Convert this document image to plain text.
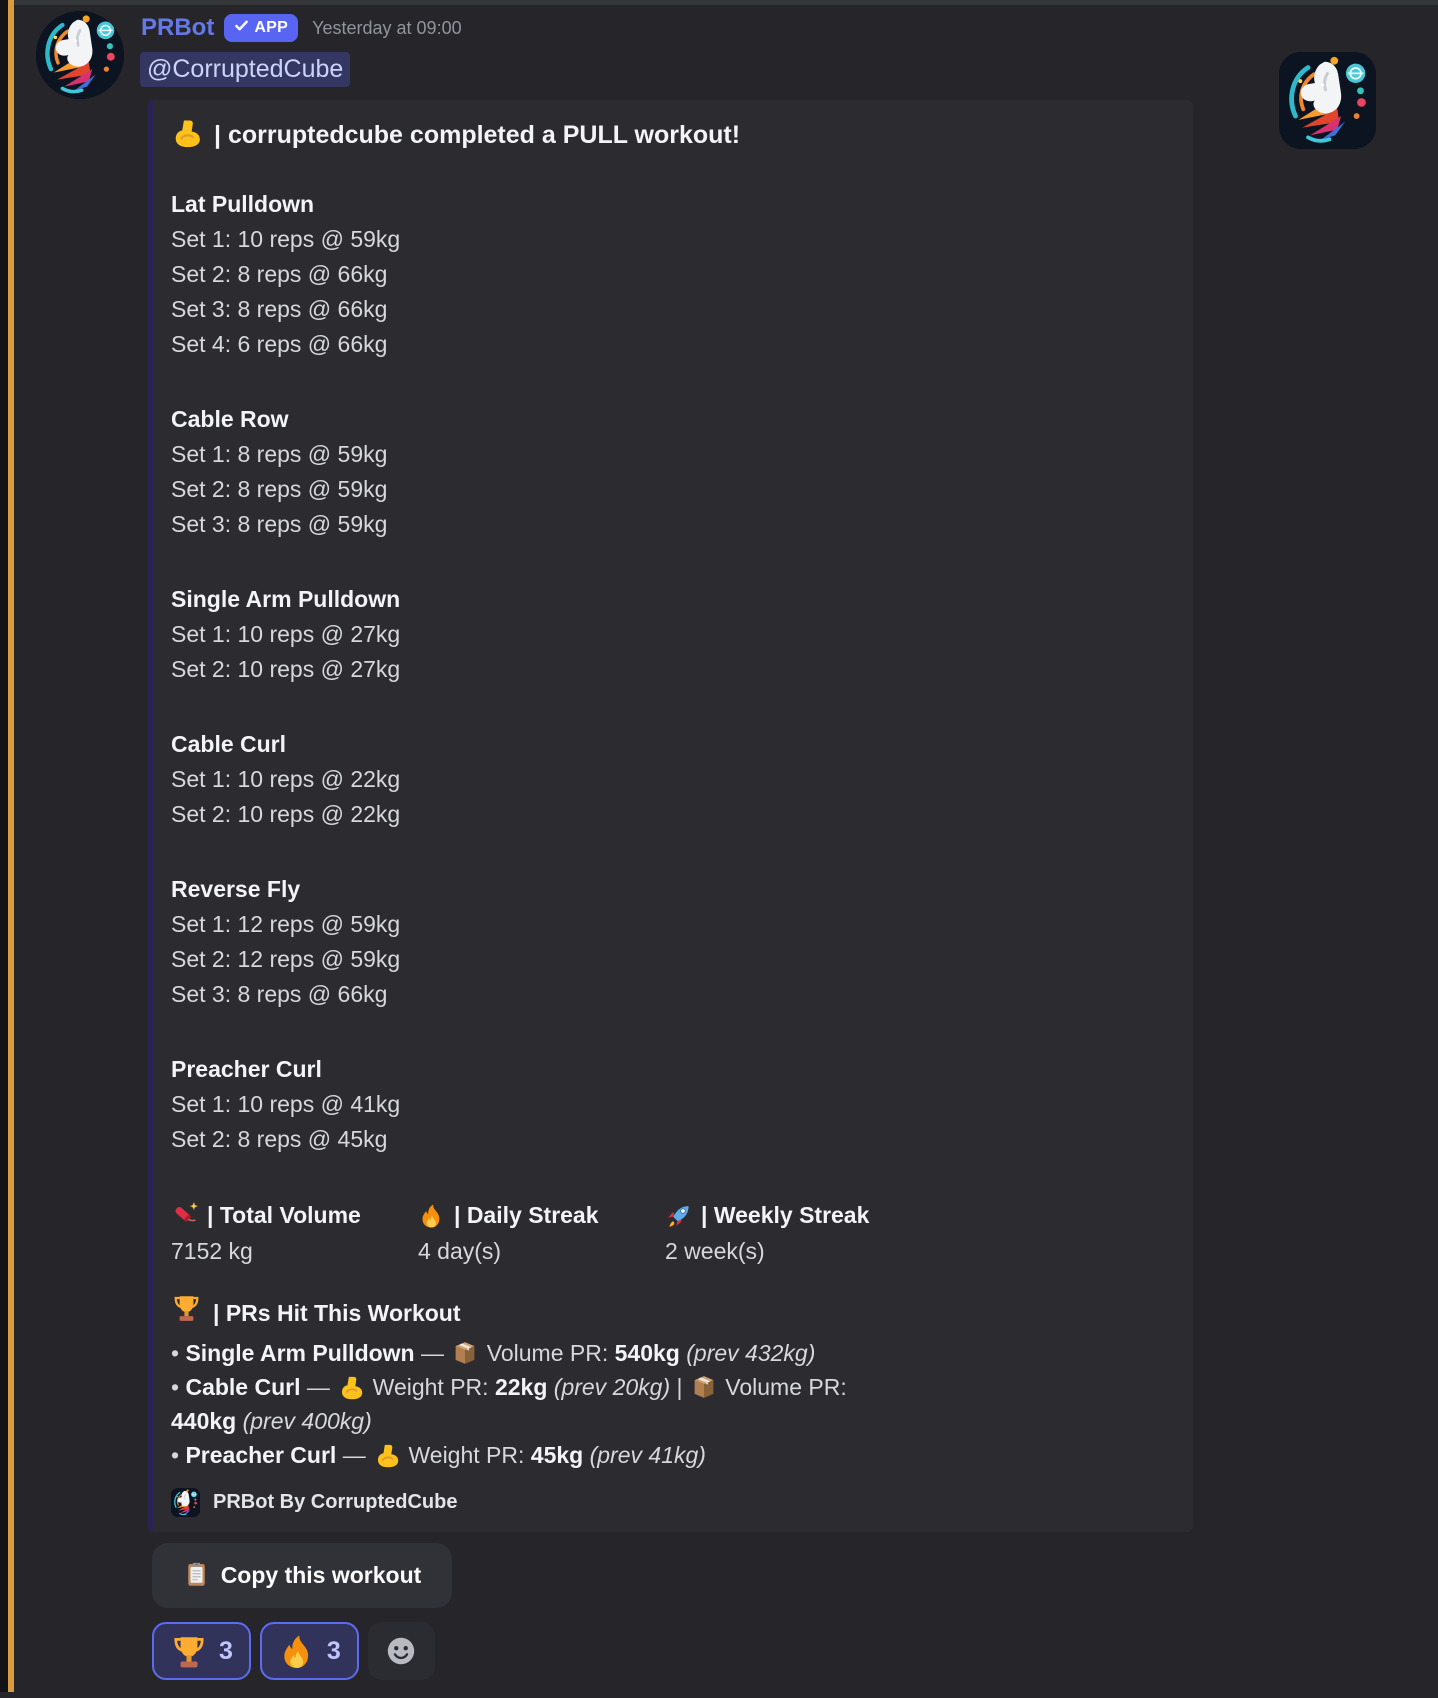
PRBot	APP Yesterday at 09:00
@CorruptedCube
| corruptedcube completed a PULL workout!
Lat Pulldown
Set 1: 10 reps @ 59kg
Set 2: 8 reps @ 66kg
Set 3: 8 reps @ 66kg
Set 4: 6 reps @ 66kg
Cable Row
Set 1: 8 reps @ 59kg
Set 2: 8 reps @ 59kg
Set 3: 8 reps @ 59kg
Single Arm Pulldown
Set 1: 10 reps @ 27kg
Set 2: 10 reps @ 27kg
Cable Curl
Set 1: 10 reps @ 22kg
Set 2: 10 reps @ 22kg
Reverse Fly
Set 1: 12 reps @ 59kg
Set 2: 12 reps @ 59kg
Set 3: 8 reps @ 66kg
Preacher Curl
Set 1: 10 reps @ 41kg
Set 2: 8 reps @ 45kg
| Total Volume
7152 kg
| Daily Streak
4 day(s)
| Weekly Streak
2 week(s)
| PRs Hit This Workout
• Single Arm Pulldown —  Volume PR: 540kg (prev 432kg)
• Cable Curl —  Weight PR: 22kg (prev 20kg) |  Volume PR:
440kg (prev 400kg)
• Preacher Curl —  Weight PR: 45kg (prev 41kg)
PRBot By CorruptedCube
Copy this workout
3	3
